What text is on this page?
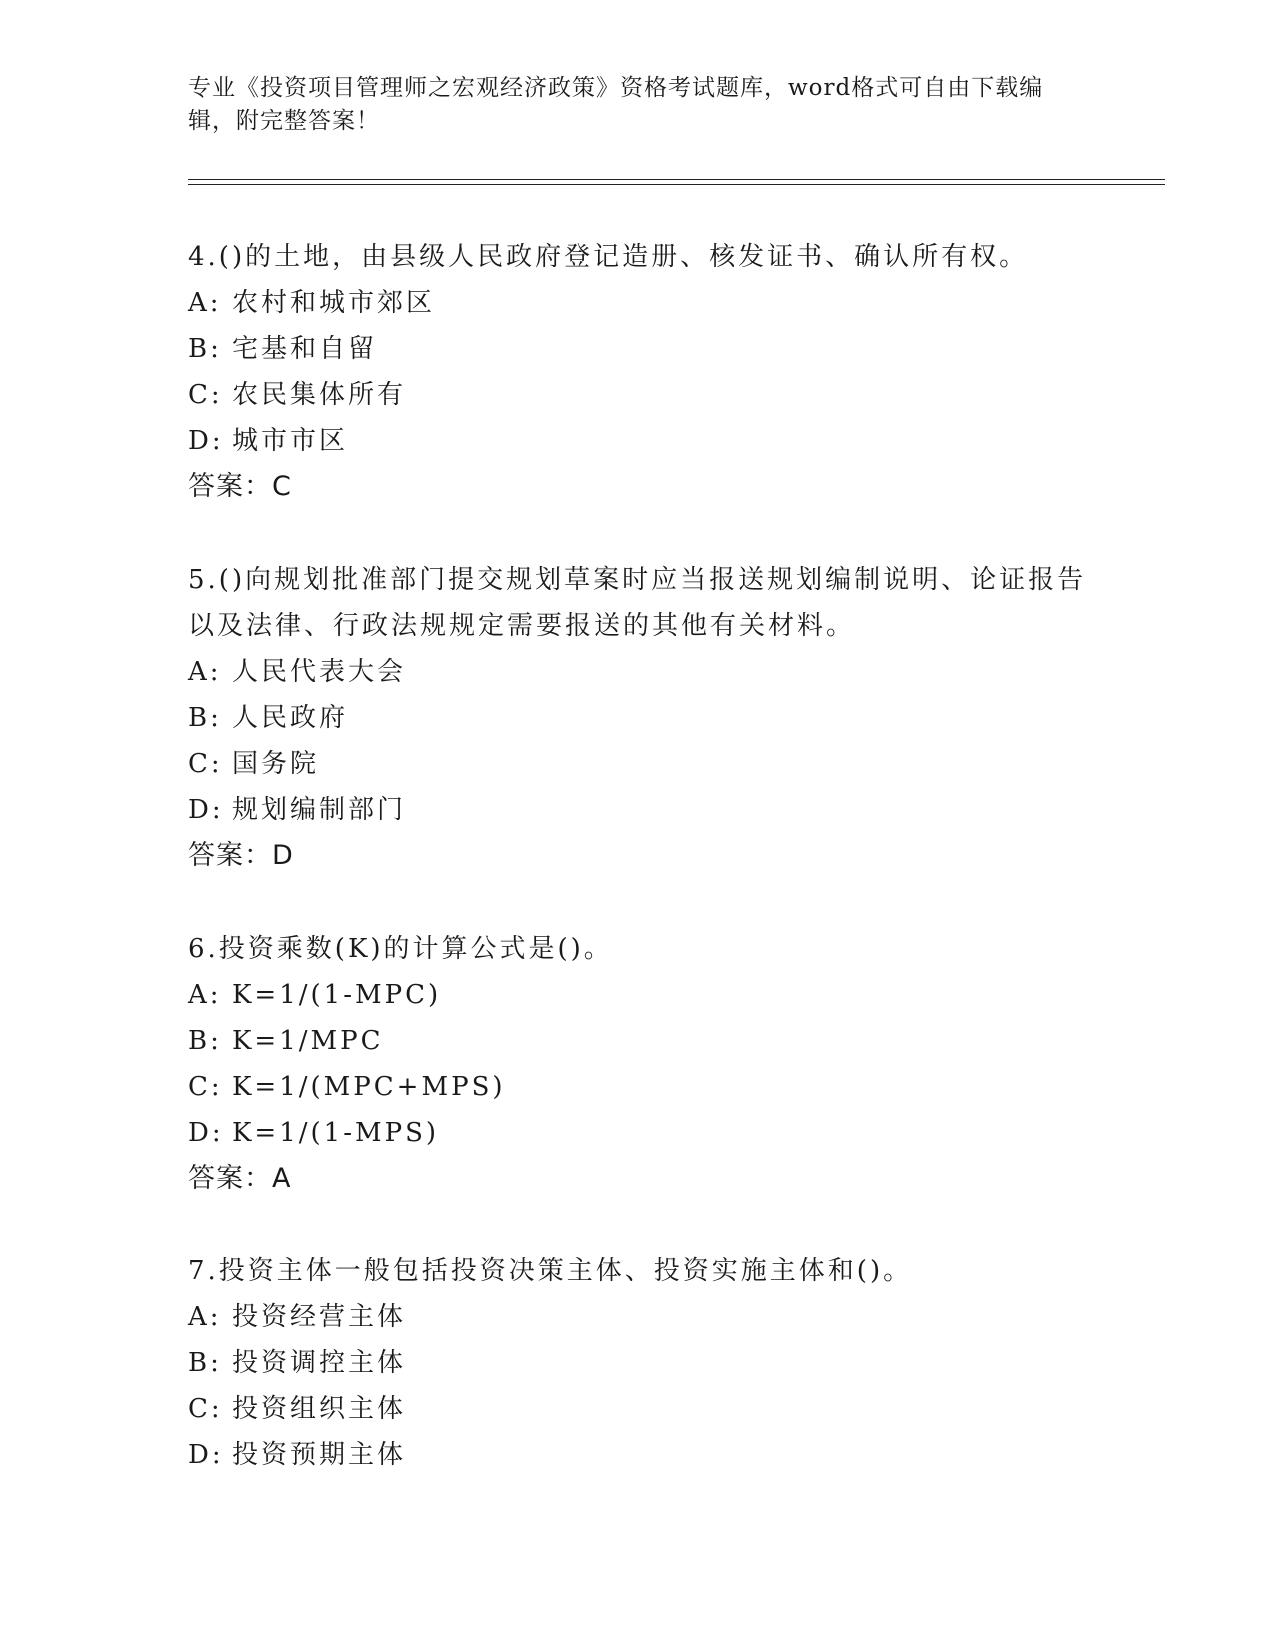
专业《投资项目管理师之宏观经济政策》资格考试题库，word格式可自由下载编辑，附完整答案！

4.()的土地，由县级人民政府登记造册、核发证书、确认所有权。

A: 农村和城市郊区

B: 宅基和自留

C: 农民集体所有

D: 城市市区

答案：C

5.()向规划批准部门提交规划草案时应当报送规划编制说明、论证报告以及法律、行政法规规定需要报送的其他有关材料。

A: 人民代表大会

B: 人民政府

C: 国务院

D: 规划编制部门

答案：D

6.投资乘数(K)的计算公式是()。

A: K=1/(1-MPC)

B: K=1/MPC

C: K=1/(MPC+MPS)

D: K=1/(1-MPS)

答案：A

7.投资主体一般包括投资决策主体、投资实施主体和()。

A: 投资经营主体

B: 投资调控主体

C: 投资组织主体

D: 投资预期主体
